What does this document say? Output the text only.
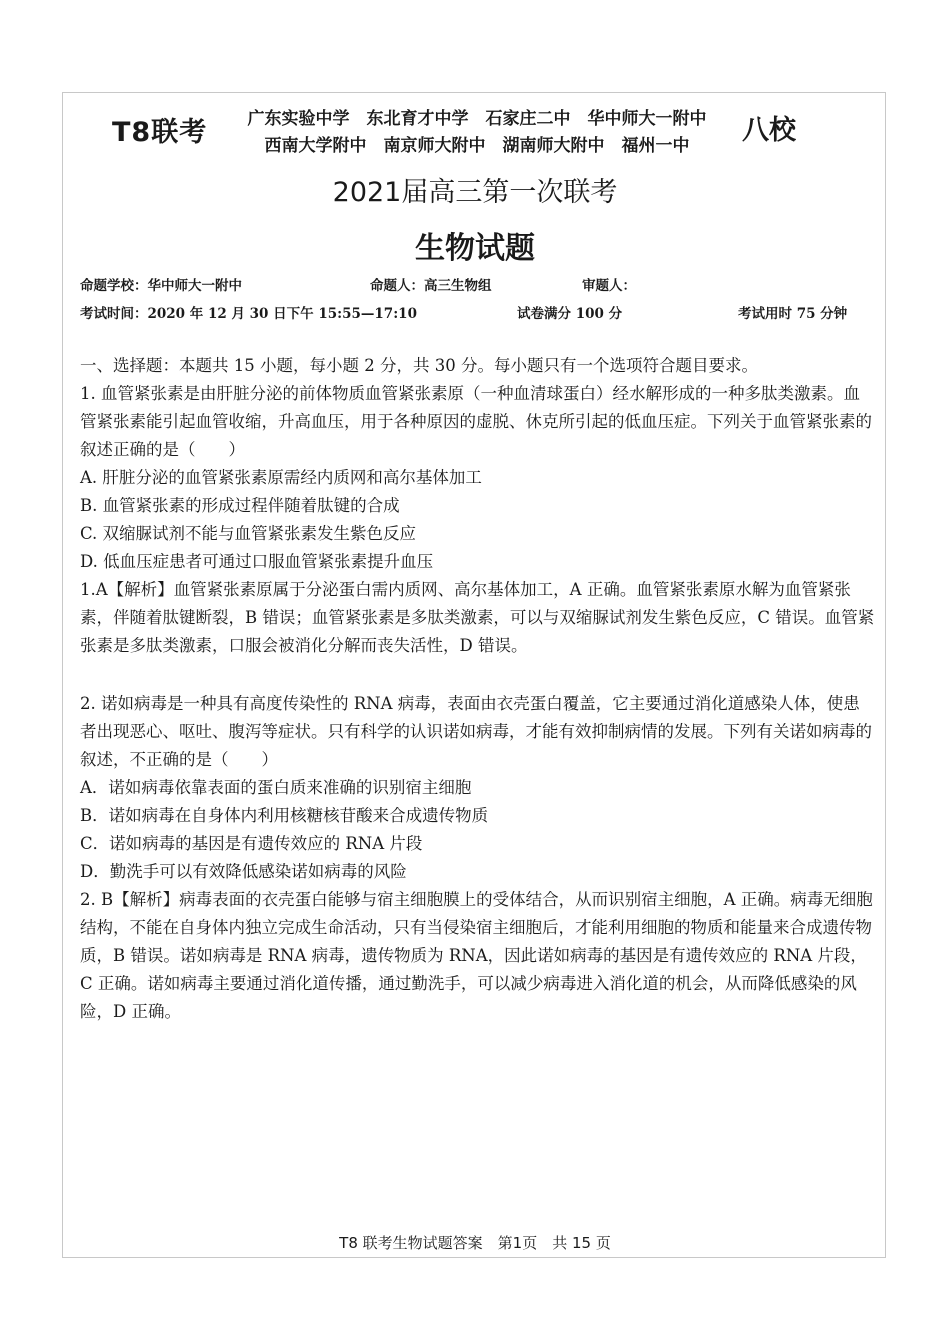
T8联考	广东实验中学　东北育才中学　石家庄二中　华中师大一附中
西南大学附中　南京师大附中　湖南师大附中　福州一中	八校
2021届高三第一次联考
生物试题
命题学校：华中师大一附中	命题人：高三生物组	审题人：
考试时间：2020 年 12 月 30 日下午 15:55—17:10	试卷满分 100 分	考试用时 75 分钟
一、选择题：本题共 15 小题，每小题 2 分，共 30 分。每小题只有一个选项符合题目要求。

1. 血管紧张素是由肝脏分泌的前体物质血管紧张素原（一种血清球蛋白）经水解形成的一种多肽类激素。血管紧张素能引起血管收缩，升高血压，用于各种原因的虚脱、休克所引起的低血压症。下列关于血管紧张素的叙述正确的是（　　）

A. 肝脏分泌的血管紧张素原需经内质网和高尔基体加工

B. 血管紧张素的形成过程伴随着肽键的合成

C. 双缩脲试剂不能与血管紧张素发生紫色反应

D. 低血压症患者可通过口服血管紧张素提升血压

1.A【解析】血管紧张素原属于分泌蛋白需内质网、高尔基体加工，A 正确。血管紧张素原水解为血管紧张素，伴随着肽键断裂，B 错误；血管紧张素是多肽类激素，可以与双缩脲试剂发生紫色反应，C 错误。血管紧张素是多肽类激素，口服会被消化分解而丧失活性，D 错误。

2. 诺如病毒是一种具有高度传染性的 RNA 病毒，表面由衣壳蛋白覆盖，它主要通过消化道感染人体，使患者出现恶心、呕吐、腹泻等症状。只有科学的认识诺如病毒，才能有效抑制病情的发展。下列有关诺如病毒的叙述，不正确的是（　　）

A．诺如病毒依靠表面的蛋白质来准确的识别宿主细胞

B．诺如病毒在自身体内利用核糖核苷酸来合成遗传物质

C．诺如病毒的基因是有遗传效应的 RNA 片段

D．勤洗手可以有效降低感染诺如病毒的风险

2. B【解析】病毒表面的衣壳蛋白能够与宿主细胞膜上的受体结合，从而识别宿主细胞，A 正确。病毒无细胞结构，不能在自身体内独立完成生命活动，只有当侵染宿主细胞后，才能利用细胞的物质和能量来合成遗传物质，B 错误。诺如病毒是 RNA 病毒，遗传物质为 RNA，因此诺如病毒的基因是有遗传效应的 RNA 片段，C 正确。诺如病毒主要通过消化道传播，通过勤洗手，可以减少病毒进入消化道的机会，从而降低感染的风险，D 正确。

T8 联考生物试题答案　第1页　共 15 页
